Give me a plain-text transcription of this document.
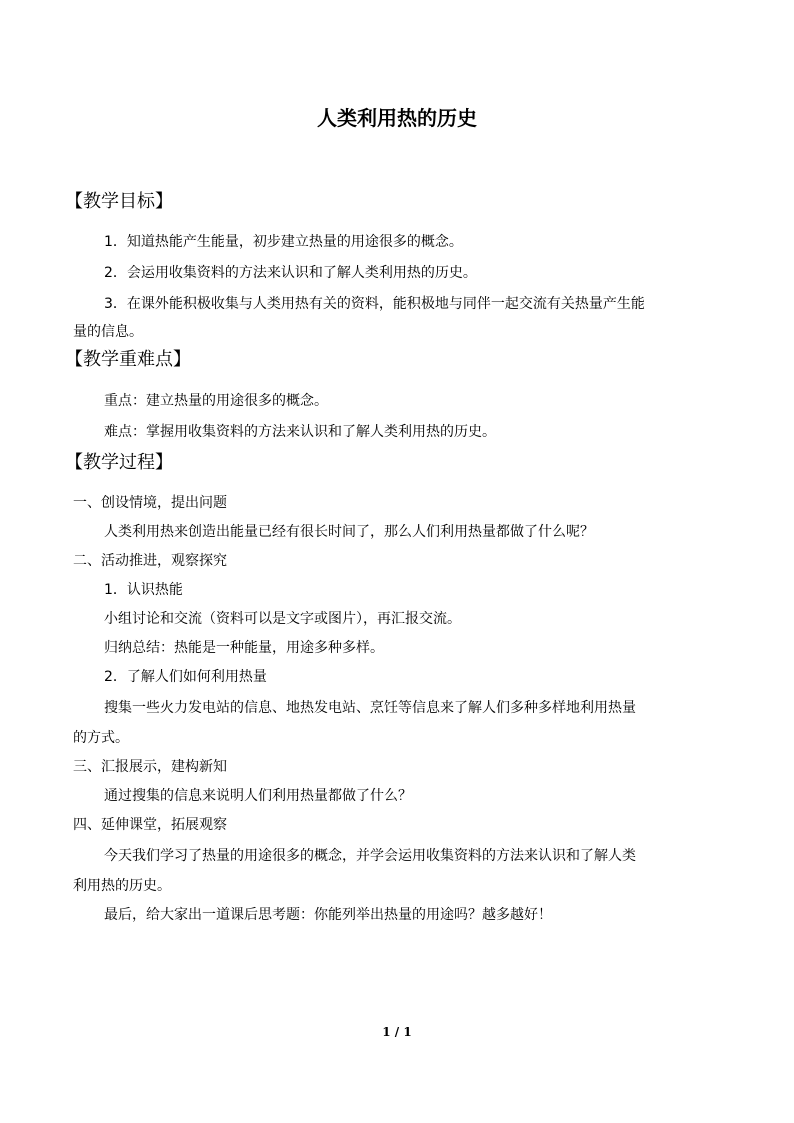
人类利用热的历史
【教学目标】
1．知道热能产生能量，初步建立热量的用途很多的概念。
2．会运用收集资料的方法来认识和了解人类利用热的历史。
3．在课外能积极收集与人类用热有关的资料，能积极地与同伴一起交流有关热量产生能
量的信息。
【教学重难点】
重点：建立热量的用途很多的概念。
难点：掌握用收集资料的方法来认识和了解人类利用热的历史。
【教学过程】
一、创设情境，提出问题
人类利用热来创造出能量已经有很长时间了，那么人们利用热量都做了什么呢？
二、活动推进，观察探究
1．认识热能
小组讨论和交流（资料可以是文字或图片），再汇报交流。
归纳总结：热能是一种能量，用途多种多样。
2．了解人们如何利用热量
搜集一些火力发电站的信息、地热发电站、烹饪等信息来了解人们多种多样地利用热量
的方式。
三、汇报展示，建构新知
通过搜集的信息来说明人们利用热量都做了什么？
四、延伸课堂，拓展观察
今天我们学习了热量的用途很多的概念，并学会运用收集资料的方法来认识和了解人类
利用热的历史。
最后，给大家出一道课后思考题：你能列举出热量的用途吗？越多越好！
1 / 1
